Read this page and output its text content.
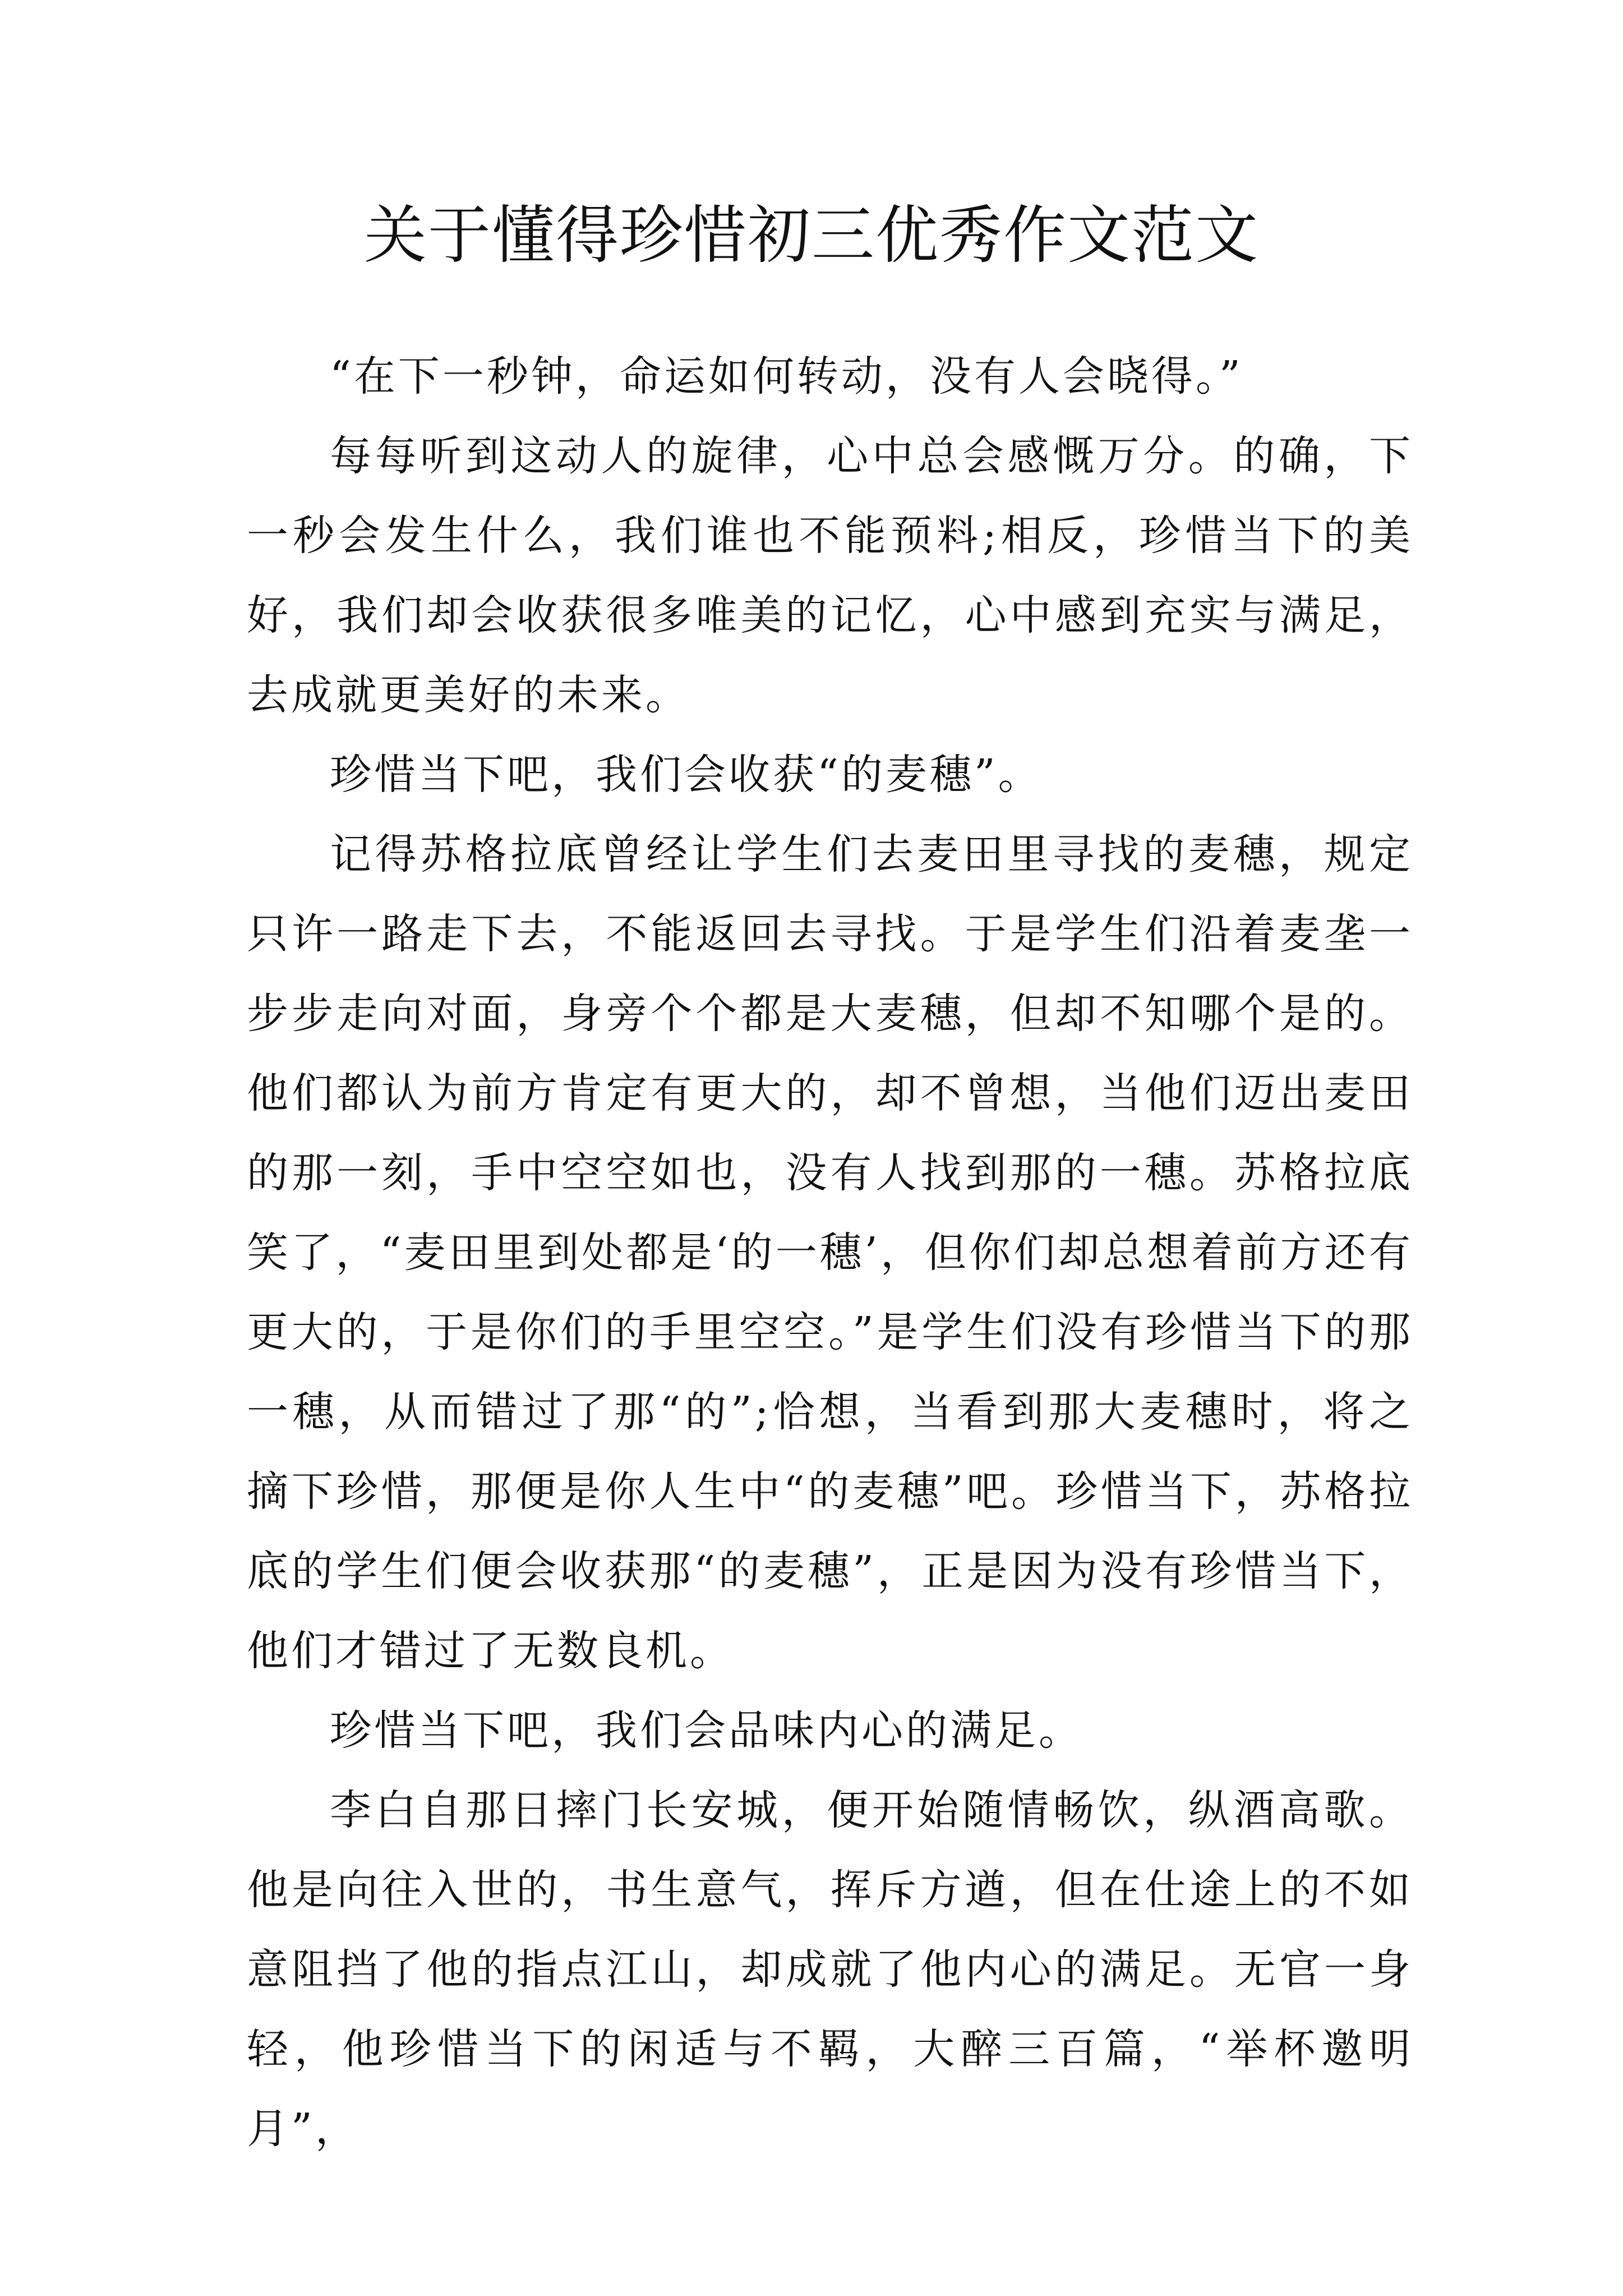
关于懂得珍惜初三优秀作文范文

“在下一秒钟，命运如何转动，没有人会晓得。”

每每听到这动人的旋律，心中总会感慨万分。的确，下一秒会发生什么，我们谁也不能预料;相反，珍惜当下的美好，我们却会收获很多唯美的记忆，心中感到充实与满足，去成就更美好的未来。

珍惜当下吧，我们会收获“的麦穗”。

记得苏格拉底曾经让学生们去麦田里寻找的麦穗，规定只许一路走下去，不能返回去寻找。于是学生们沿着麦垄一步步走向对面，身旁个个都是大麦穗，但却不知哪个是的。他们都认为前方肯定有更大的，却不曾想，当他们迈出麦田的那一刻，手中空空如也，没有人找到那的一穗。苏格拉底笑了，“麦田里到处都是‘的一穗’，但你们却总想着前方还有更大的，于是你们的手里空空。”是学生们没有珍惜当下的那一穗，从而错过了那“的”;恰想，当看到那大麦穗时，将之摘下珍惜，那便是你人生中“的麦穗”吧。珍惜当下，苏格拉底的学生们便会收获那“的麦穗”，正是因为没有珍惜当下，他们才错过了无数良机。

珍惜当下吧，我们会品味内心的满足。

李白自那日摔门长安城，便开始随情畅饮，纵酒高歌。他是向往入世的，书生意气，挥斥方遒，但在仕途上的不如意阻挡了他的指点江山，却成就了他内心的满足。无官一身轻，他珍惜当下的闲适与不羁，大醉三百篇，“举杯邀明月”，
